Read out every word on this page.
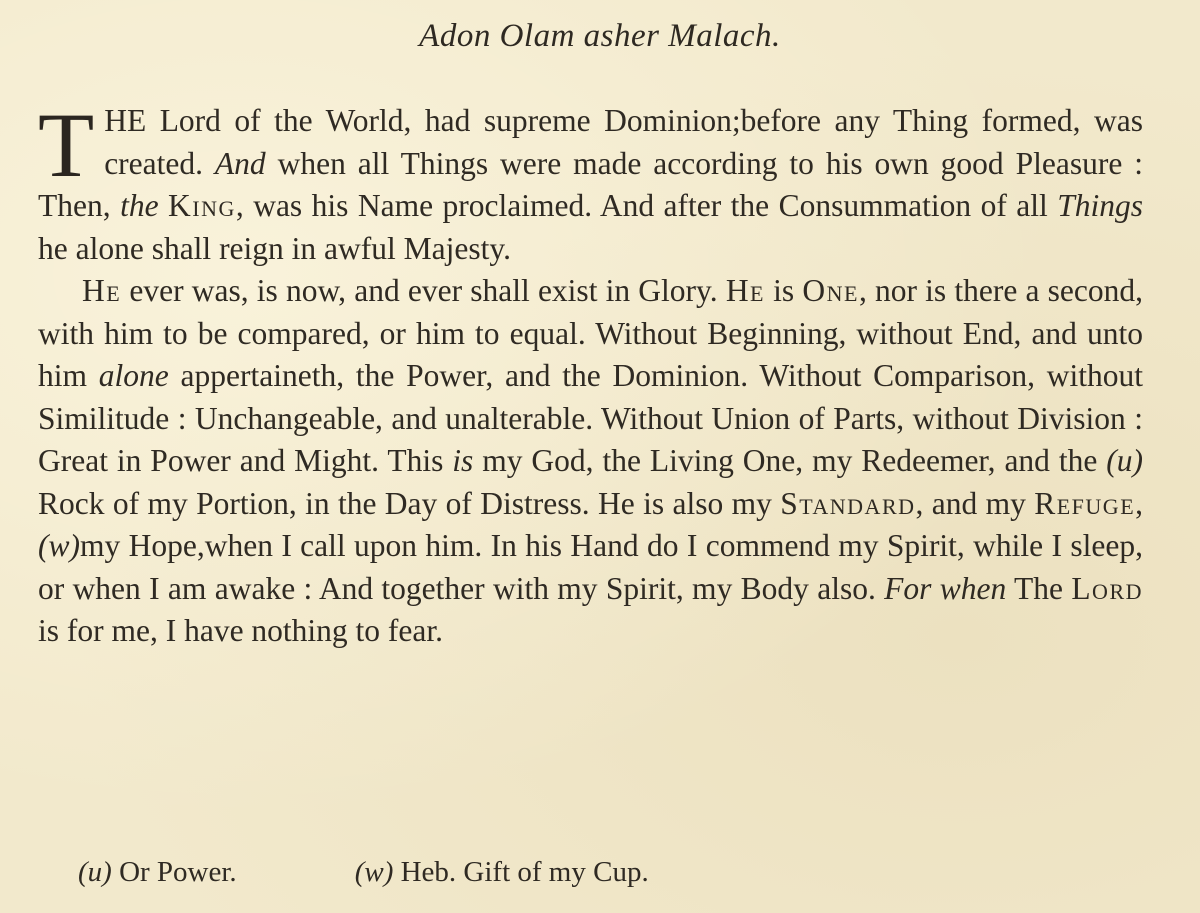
Adon Olam asher Malach.

THE Lord of the World, had supreme Dominion;before any Thing formed, was created. And when all Things were made according to his own good Pleasure : Then, the King, was his Name proclaimed. And after the Consummation of all Things he alone shall reign in awful Majesty.

He ever was, is now, and ever shall exist in Glory. He is One, nor is there a second, with him to be compared, or him to equal. Without Beginning, without End, and unto him alone appertaineth, the Power, and the Dominion. Without Comparison, without Similitude : Unchangeable, and unalterable. Without Union of Parts, without Division : Great in Power and Might. This is my God, the Living One, my Redeemer, and the (u) Rock of my Portion, in the Day of Distress. He is also my Standard, and my Refuge, (w)my Hope,when I call upon him. In his Hand do I commend my Spirit, while I sleep, or when I am awake : And together with my Spirit, my Body also. For when The Lord is for me, I have nothing to fear.

(u) Or Power.	(w) Heb. Gift of my Cup.
